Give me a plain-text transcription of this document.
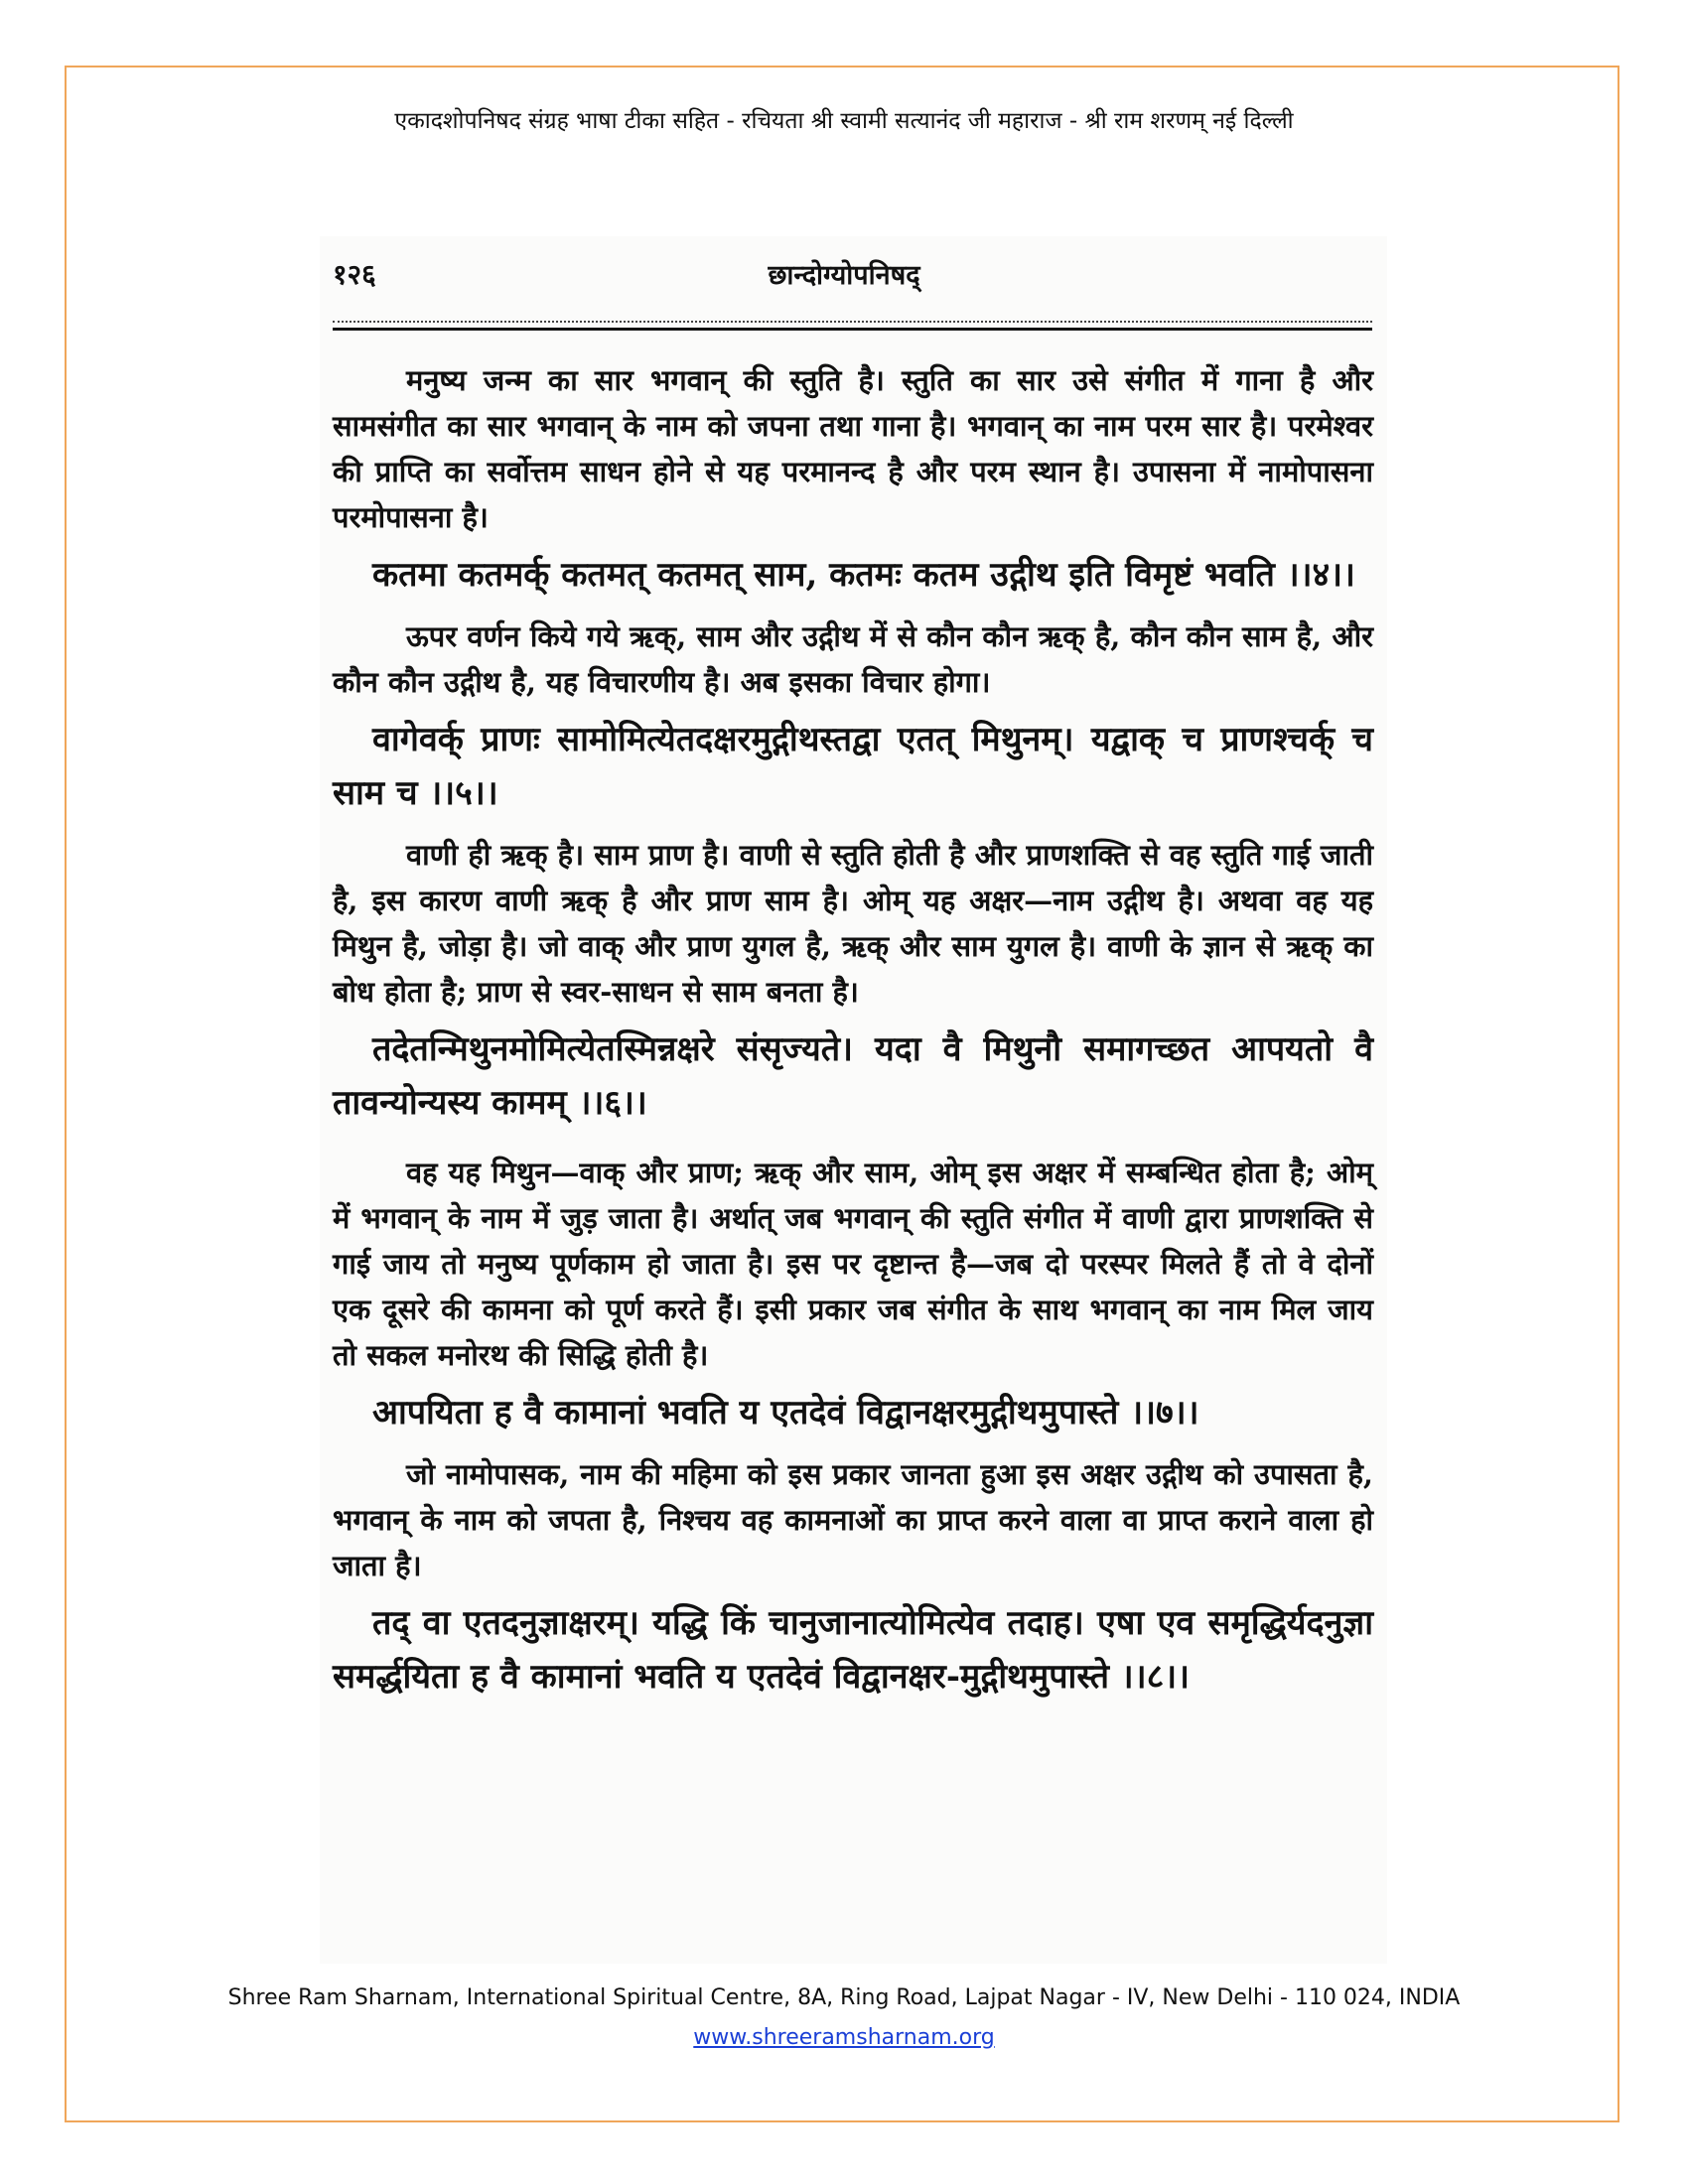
एकादशोपनिषद संग्रह भाषा टीका सहित - रचियता श्री स्वामी सत्यानंद जी महाराज - श्री राम शरणम् नई दिल्ली
१२६	छान्दोग्योपनिषद्

मनुष्य जन्म का सार भगवान् की स्तुति है। स्तुति का सार उसे संगीत में गाना है और सामसंगीत का सार भगवान् के नाम को जपना तथा गाना है। भगवान् का नाम परम सार है। परमेश्वर की प्राप्ति का सर्वोत्तम साधन होने से यह परमानन्द है और परम स्थान है। उपासना में नामोपासना परमोपासना है।

कतमा कतमर्क् कतमत् कतमत् साम, कतमः कतम उद्गीथ इति विमृष्टं भवति ।।४।।

ऊपर वर्णन किये गये ऋक्, साम और उद्गीथ में से कौन कौन ऋक् है, कौन कौन साम है, और कौन कौन उद्गीथ है, यह विचारणीय है। अब इसका विचार होगा।

वागेवर्क् प्राणः सामोमित्येतदक्षरमुद्गीथस्तद्वा एतत् मिथुनम्। यद्वाक् च प्राणश्चर्क् च साम च ।।५।।

वाणी ही ऋक् है। साम प्राण है। वाणी से स्तुति होती है और प्राणशक्ति से वह स्तुति गाई जाती है, इस कारण वाणी ऋक् है और प्राण साम है। ओम् यह अक्षर—नाम उद्गीथ है। अथवा वह यह मिथुन है, जोड़ा है। जो वाक् और प्राण युगल है, ऋक् और साम युगल है। वाणी के ज्ञान से ऋक् का बोध होता है; प्राण से स्वर-साधन से साम बनता है।

तदेतन्मिथुनमोमित्येतस्मिन्नक्षरे संसृज्यते। यदा वै मिथुनौ समागच्छत आपयतो वै तावन्योन्यस्य कामम् ।।६।।

वह यह मिथुन—वाक् और प्राण; ऋक् और साम, ओम् इस अक्षर में सम्बन्धित होता है; ओम् में भगवान् के नाम में जुड़ जाता है। अर्थात् जब भगवान् की स्तुति संगीत में वाणी द्वारा प्राणशक्ति से गाई जाय तो मनुष्य पूर्णकाम हो जाता है। इस पर दृष्टान्त है—जब दो परस्पर मिलते हैं तो वे दोनों एक दूसरे की कामना को पूर्ण करते हैं। इसी प्रकार जब संगीत के साथ भगवान् का नाम मिल जाय तो सकल मनोरथ की सिद्धि होती है।

आपयिता ह वै कामानां भवति य एतदेवं विद्वानक्षरमुद्गीथमुपास्ते ।।७।।

जो नामोपासक, नाम की महिमा को इस प्रकार जानता हुआ इस अक्षर उद्गीथ को उपासता है, भगवान् के नाम को जपता है, निश्चय वह कामनाओं का प्राप्त करने वाला वा प्राप्त कराने वाला हो जाता है।

तद् वा एतदनुज्ञाक्षरम्। यद्धि किं चानुजानात्योमित्येव तदाह। एषा एव समृद्धिर्यदनुज्ञा समर्द्धयिता ह वै कामानां भवति य एतदेवं विद्वानक्षर-मुद्गीथमुपास्ते ।।८।।

Shree Ram Sharnam, International Spiritual Centre, 8A, Ring Road, Lajpat Nagar - IV, New Delhi - 110 024, INDIA
www.shreeramsharnam.org
